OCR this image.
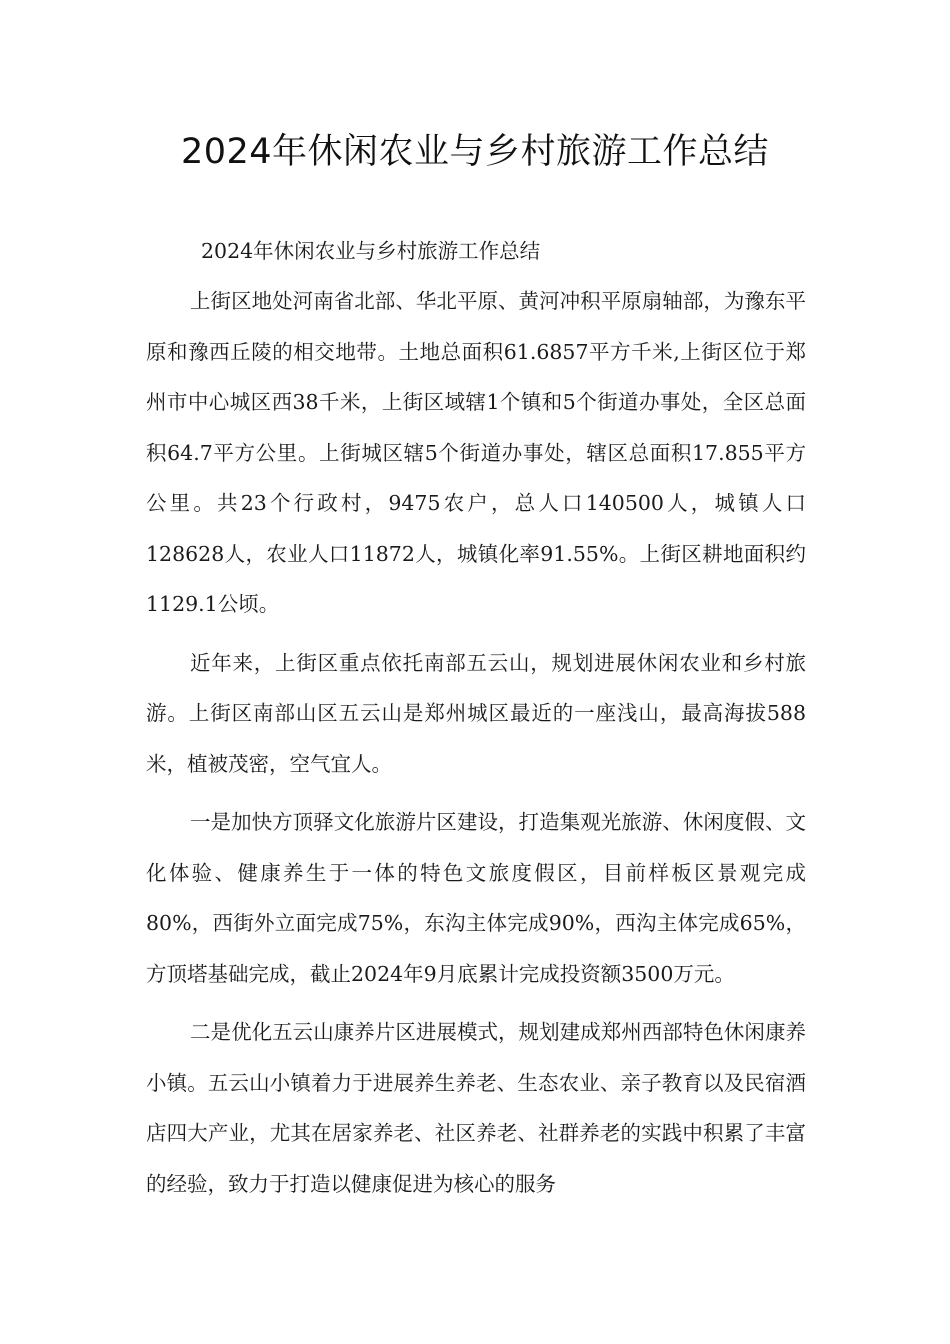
2024年休闲农业与乡村旅游工作总结

2024年休闲农业与乡村旅游工作总结

上街区地处河南省北部、华北平原、黄河冲积平原扇轴部，为豫东平原和豫西丘陵的相交地带。土地总面积61.6857平方千米,上街区位于郑州市中心城区西38千米，上街区域辖1个镇和5个街道办事处，全区总面积64.7平方公里。上街城区辖5个街道办事处，辖区总面积17.855平方公里。共23个行政村，9475农户，总人口140500人，城镇人口128628人，农业人口11872人，城镇化率91.55%。上街区耕地面积约1129.1公顷。

近年来，上街区重点依托南部五云山，规划进展休闲农业和乡村旅游。上街区南部山区五云山是郑州城区最近的一座浅山，最高海拔588米，植被茂密，空气宜人。

一是加快方顶驿文化旅游片区建设，打造集观光旅游、休闲度假、文化体验、健康养生于一体的特色文旅度假区，目前样板区景观完成80%，西街外立面完成75%，东沟主体完成90%，西沟主体完成65%，方顶塔基础完成，截止2024年9月底累计完成投资额3500万元。

二是优化五云山康养片区进展模式，规划建成郑州西部特色休闲康养小镇。五云山小镇着力于进展养生养老、生态农业、亲子教育以及民宿酒店四大产业，尤其在居家养老、社区养老、社群养老的实践中积累了丰富的经验，致力于打造以健康促进为核心的服务
